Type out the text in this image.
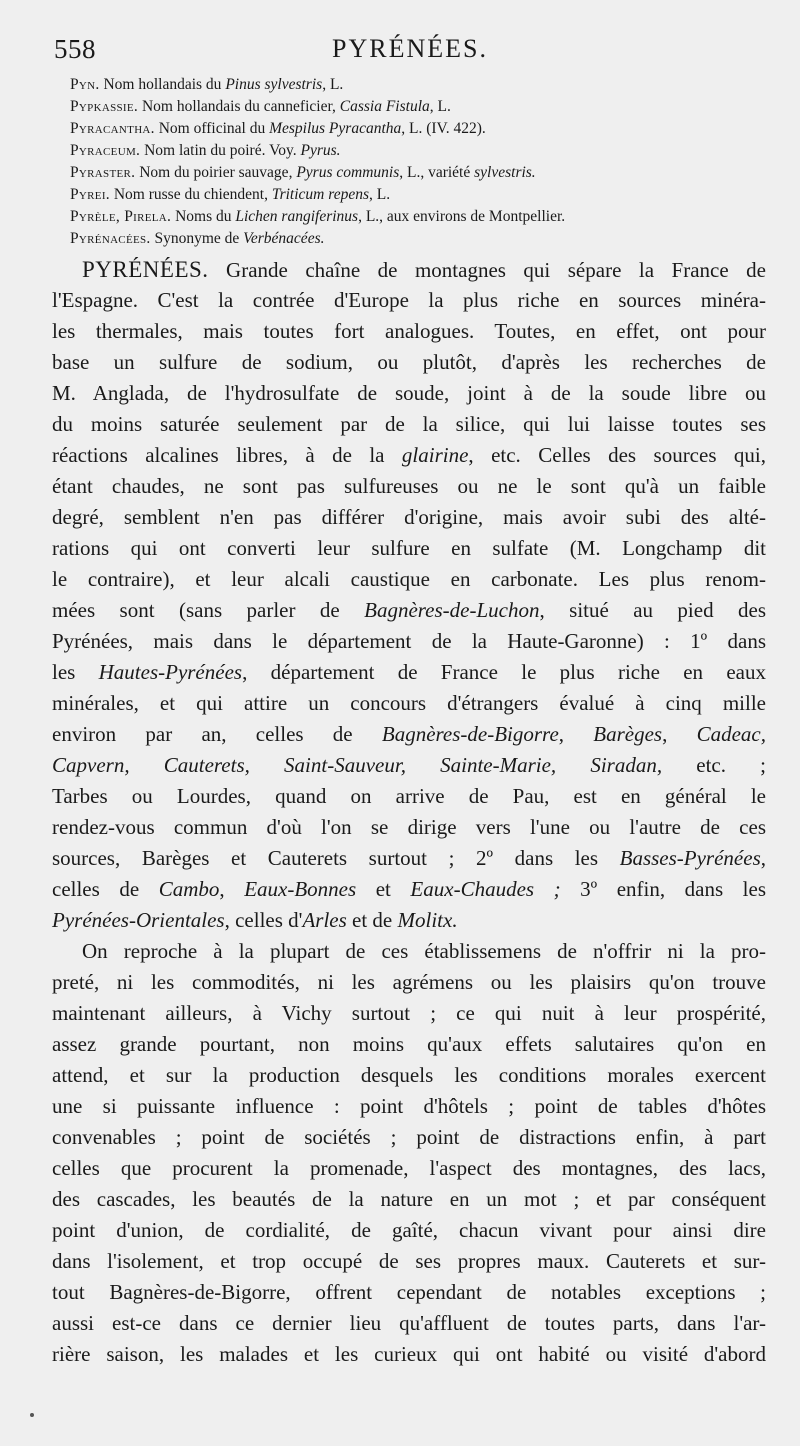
558	PYRÉNÉES.
Pyn. Nom hollandais du Pinus sylvestris, L.
Pypkassie. Nom hollandais du canneficier, Cassia Fistula, L.
Pyracantha. Nom officinal du Mespilus Pyracantha, L. (IV. 422).
Pyraceum. Nom latin du poiré. Voy. Pyrus.
Pyraster. Nom du poirier sauvage, Pyrus communis, L., variété sylvestris.
Pyrei. Nom russe du chiendent, Triticum repens, L.
Pyrèle, Pirela. Noms du Lichen rangiferinus, L., aux environs de Montpellier.
Pyrénacées. Synonyme de Verbénacées.
PYRÉNÉES. Grande chaîne de montagnes qui sépare la France de
l'Espagne. C'est la contrée d'Europe la plus riche en sources minéra-
les thermales, mais toutes fort analogues. Toutes, en effet, ont pour
base un sulfure de sodium, ou plutôt, d'après les recherches de
M. Anglada, de l'hydrosulfate de soude, joint à de la soude libre ou
du moins saturée seulement par de la silice, qui lui laisse toutes ses
réactions alcalines libres, à de la glairine, etc. Celles des sources qui,
étant chaudes, ne sont pas sulfureuses ou ne le sont qu'à un faible
degré, semblent n'en pas différer d'origine, mais avoir subi des alté-
rations qui ont converti leur sulfure en sulfate (M. Longchamp dit
le contraire), et leur alcali caustique en carbonate. Les plus renom-
mées sont (sans parler de Bagnères-de-Luchon, situé au pied des
Pyrénées, mais dans le département de la Haute-Garonne) : 1º dans
les Hautes-Pyrénées, département de France le plus riche en eaux
minérales, et qui attire un concours d'étrangers évalué à cinq mille
environ par an, celles de Bagnères-de-Bigorre, Barèges, Cadeac,
Capvern, Cauterets, Saint-Sauveur, Sainte-Marie, Siradan, etc. ;
Tarbes ou Lourdes, quand on arrive de Pau, est en général le
rendez-vous commun d'où l'on se dirige vers l'une ou l'autre de ces
sources, Barèges et Cauterets surtout ; 2º dans les Basses-Pyrénées,
celles de Cambo, Eaux-Bonnes et Eaux-Chaudes ; 3º enfin, dans les
Pyrénées-Orientales, celles d'Arles et de Molitx.
On reproche à la plupart de ces établissemens de n'offrir ni la pro-
preté, ni les commodités, ni les agrémens ou les plaisirs qu'on trouve
maintenant ailleurs, à Vichy surtout ; ce qui nuit à leur prospérité,
assez grande pourtant, non moins qu'aux effets salutaires qu'on en
attend, et sur la production desquels les conditions morales exercent
une si puissante influence : point d'hôtels ; point de tables d'hôtes
convenables ; point de sociétés ; point de distractions enfin, à part
celles que procurent la promenade, l'aspect des montagnes, des lacs,
des cascades, les beautés de la nature en un mot ; et par conséquent
point d'union, de cordialité, de gaîté, chacun vivant pour ainsi dire
dans l'isolement, et trop occupé de ses propres maux. Cauterets et sur-
tout Bagnères-de-Bigorre, offrent cependant de notables exceptions ;
aussi est-ce dans ce dernier lieu qu'affluent de toutes parts, dans l'ar-
rière saison, les malades et les curieux qui ont habité ou visité d'abord
